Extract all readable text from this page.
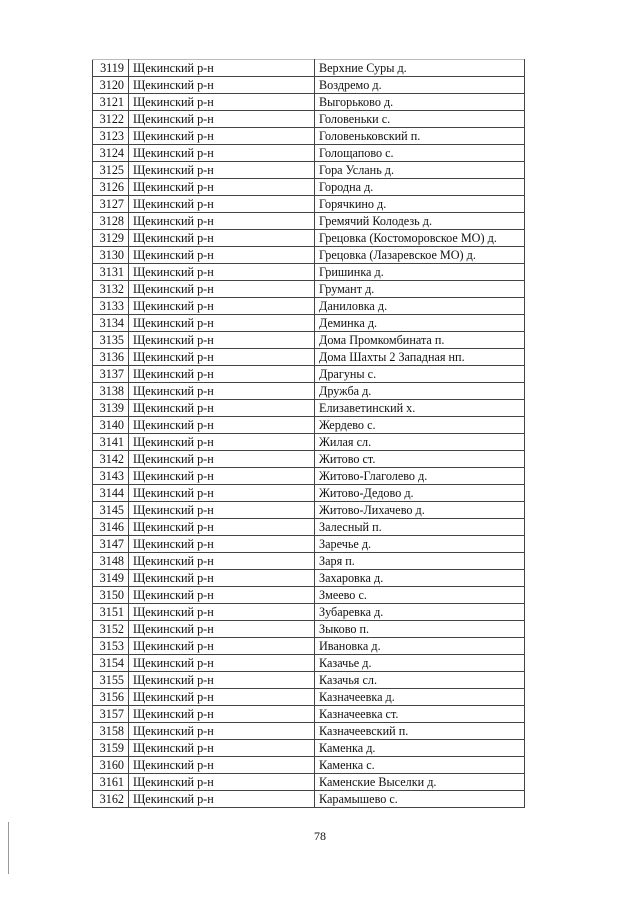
3119	Щекинский р-н	Верхние Суры д.
3120	Щекинский р-н	Воздремо д.
3121	Щекинский р-н	Выгорьково д.
3122	Щекинский р-н	Головеньки с.
3123	Щекинский р-н	Головеньковский п.
3124	Щекинский р-н	Голощапово с.
3125	Щекинский р-н	Гора Услань д.
3126	Щекинский р-н	Городна д.
3127	Щекинский р-н	Горячкино д.
3128	Щекинский р-н	Гремячий Колодезь д.
3129	Щекинский р-н	Грецовка (Костоморовское МО) д.
3130	Щекинский р-н	Грецовка (Лазаревское МО) д.
3131	Щекинский р-н	Гришинка д.
3132	Щекинский р-н	Грумант д.
3133	Щекинский р-н	Даниловка д.
3134	Щекинский р-н	Деминка д.
3135	Щекинский р-н	Дома Промкомбината п.
3136	Щекинский р-н	Дома Шахты 2 Западная нп.
3137	Щекинский р-н	Драгуны с.
3138	Щекинский р-н	Дружба д.
3139	Щекинский р-н	Елизаветинский х.
3140	Щекинский р-н	Жердево с.
3141	Щекинский р-н	Жилая сл.
3142	Щекинский р-н	Житово ст.
3143	Щекинский р-н	Житово-Глаголево д.
3144	Щекинский р-н	Житово-Дедово д.
3145	Щекинский р-н	Житово-Лихачево д.
3146	Щекинский р-н	Залесный п.
3147	Щекинский р-н	Заречье д.
3148	Щекинский р-н	Заря п.
3149	Щекинский р-н	Захаровка д.
3150	Щекинский р-н	Змеево с.
3151	Щекинский р-н	Зубаревка д.
3152	Щекинский р-н	Зыково п.
3153	Щекинский р-н	Ивановка д.
3154	Щекинский р-н	Казачье д.
3155	Щекинский р-н	Казачья сл.
3156	Щекинский р-н	Казначеевка д.
3157	Щекинский р-н	Казначеевка ст.
3158	Щекинский р-н	Казначеевский п.
3159	Щекинский р-н	Каменка д.
3160	Щекинский р-н	Каменка с.
3161	Щекинский р-н	Каменские Выселки д.
3162	Щекинский р-н	Карамышево с.
78
